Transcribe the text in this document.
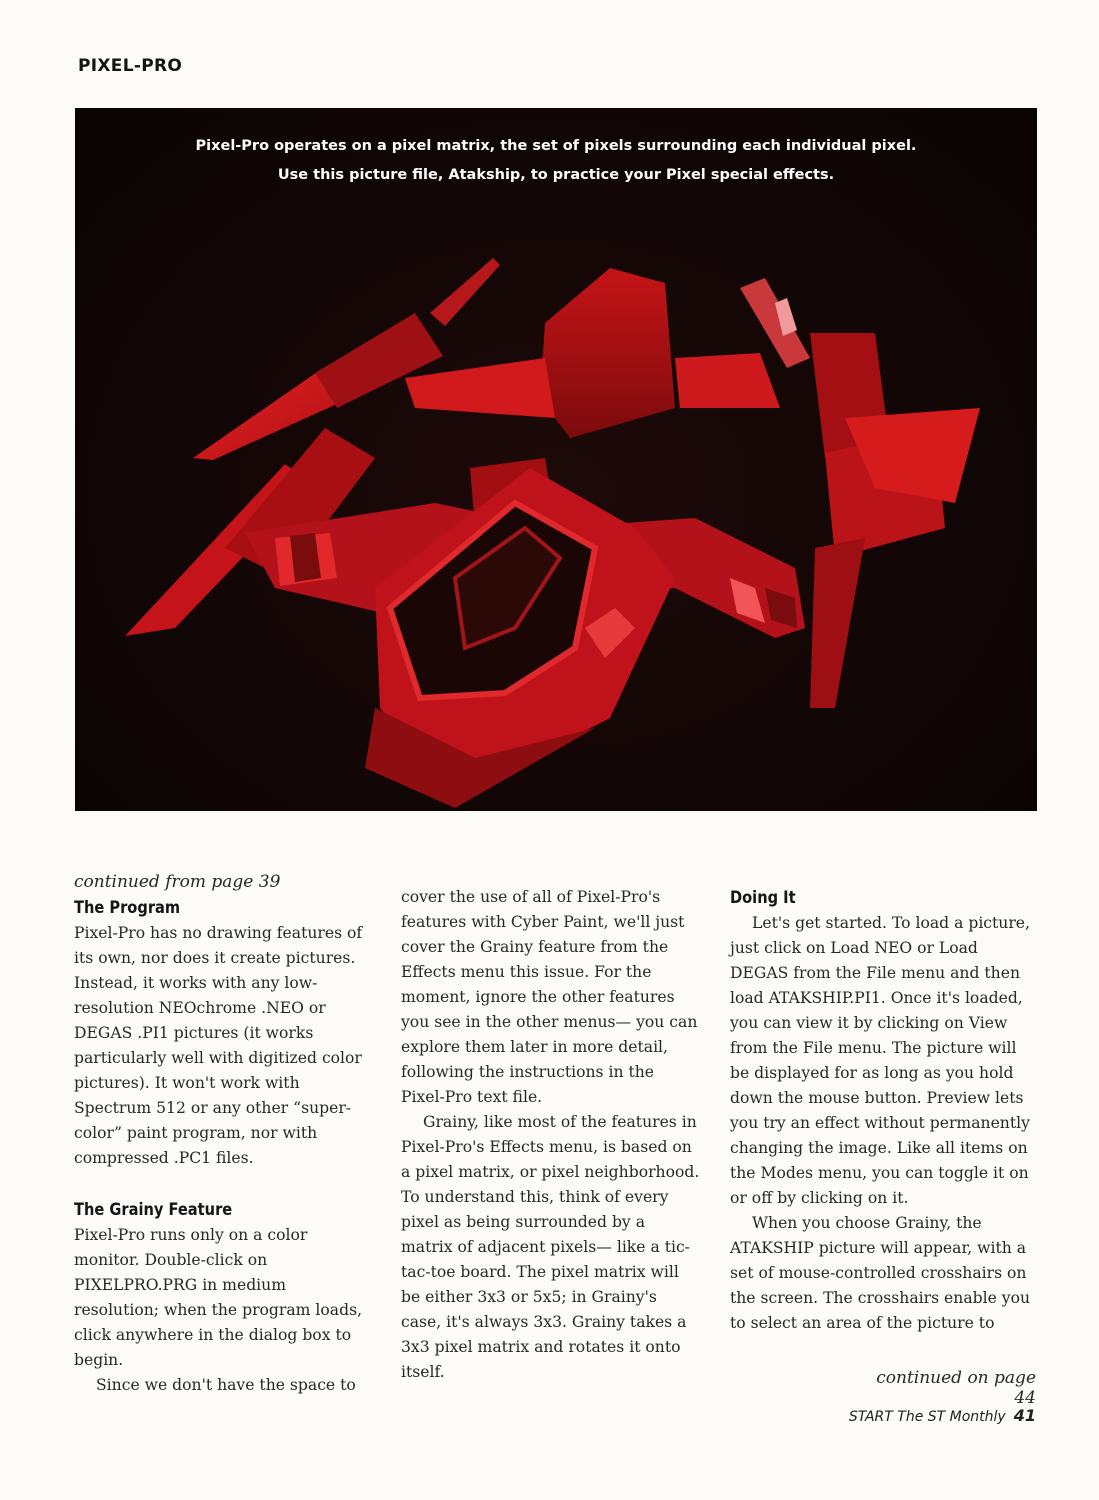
PIXEL-PRO
Pixel-Pro operates on a pixel matrix, the set of pixels surrounding each individual pixel.
Use this picture file, Atakship, to practice your Pixel special effects.

continued from page 39

The Program

Pixel-Pro has no drawing features of its own, nor does it create pictures. Instead, it works with any low-resolution NEOchrome .NEO or DEGAS .PI1 pictures (it works particularly well with digitized color pictures). It won't work with Spectrum 512 or any other “super-color” paint program, nor with compressed .PC1 files.

The Grainy Feature

Pixel-Pro runs only on a color monitor. Double-click on PIXELPRO.PRG in medium resolution; when the program loads, click anywhere in the dialog box to begin.

Since we don't have the space to

cover the use of all of Pixel-Pro's features with Cyber Paint, we'll just cover the Grainy feature from the Effects menu this issue. For the moment, ignore the other features you see in the other menus— you can explore them later in more detail, following the instructions in the Pixel-Pro text file.

Grainy, like most of the features in Pixel-Pro's Effects menu, is based on a pixel matrix, or pixel neighborhood. To understand this, think of every pixel as being surrounded by a matrix of adjacent pixels— like a tic-tac-toe board. The pixel matrix will be either 3x3 or 5x5; in Grainy's case, it's always 3x3. Grainy takes a 3x3 pixel matrix and rotates it onto itself.

Doing It

Let's get started. To load a picture, just click on Load NEO or Load DEGAS from the File menu and then load ATAKSHIP.PI1. Once it's loaded, you can view it by clicking on View from the File menu. The picture will be displayed for as long as you hold down the mouse button. Preview lets you try an effect without permanently changing the image. Like all items on the Modes menu, you can toggle it on or off by clicking on it.

When you choose Grainy, the ATAKSHIP picture will appear, with a set of mouse-controlled crosshairs on the screen. The crosshairs enable you to select an area of the picture to

continued on page 44
START The ST Monthly 41
